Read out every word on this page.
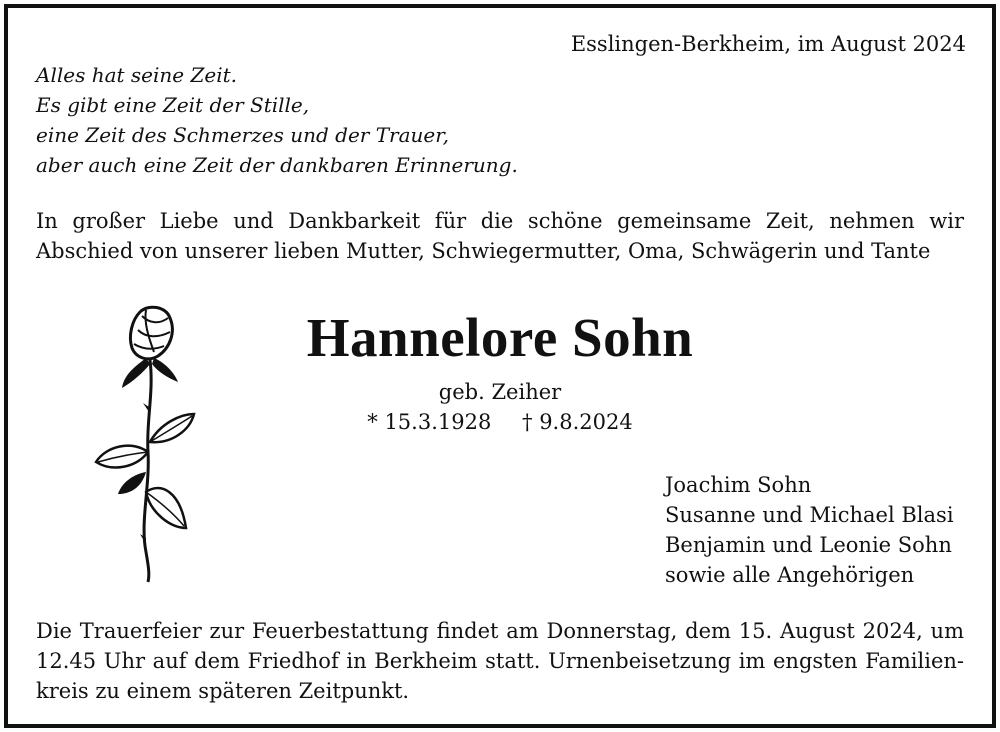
Esslingen-Berkheim, im August 2024
Alles hat seine Zeit.
Es gibt eine Zeit der Stille,
eine Zeit des Schmerzes und der Trauer,
aber auch eine Zeit der dankbaren Erinnerung.
In großer Liebe und Dankbarkeit für die schöne gemeinsame Zeit, nehmen wir
Abschied von unserer lieben Mutter, Schwiegermutter, Oma, Schwägerin und Tante
Hannelore Sohn
geb. Zeiher
* 15.3.1928 † 9.8.2024
Joachim Sohn
Susanne und Michael Blasi
Benjamin und Leonie Sohn
sowie alle Angehörigen
Die Trauerfeier zur Feuerbestattung findet am Donnerstag, dem 15. August 2024, um
12.45 Uhr auf dem Friedhof in Berkheim statt. Urnenbeisetzung im engsten Familien-
kreis zu einem späteren Zeitpunkt.
